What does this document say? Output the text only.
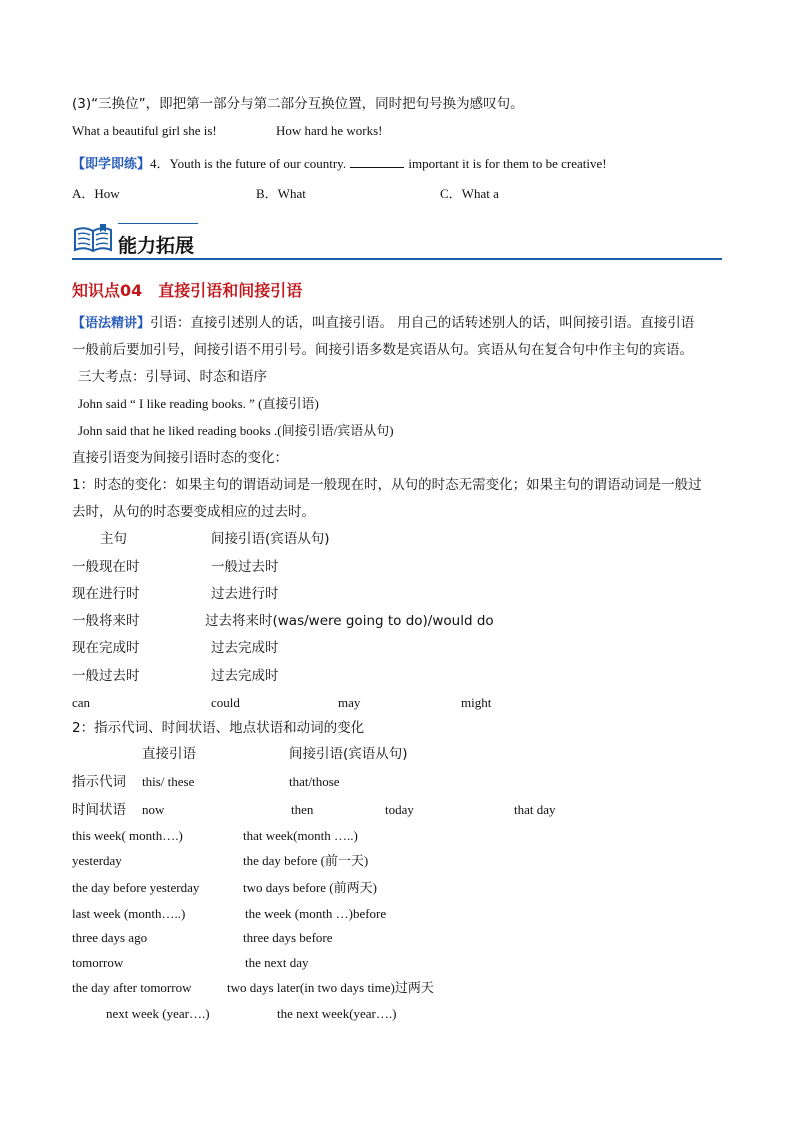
(3)“三换位”，即把第一部分与第二部分互换位置，同时把句号换为感叹句。
What a beautiful girl she is!	How hard he works!
【即学即练】4．Youth is the future of our country.	important it is for them to be creative!
A．How	B．What	C．What a
能力拓展
知识点04　直接引语和间接引语
【语法精讲】引语：直接引述别人的话，叫直接引语。 用自己的话转述别人的话，叫间接引语。直接引语
一般前后要加引号，间接引语不用引号。间接引语多数是宾语从句。宾语从句在复合句中作主句的宾语。
三大考点：引导词、时态和语序
John said “ I like reading books. ” (直接引语)
John said that he liked reading books .(间接引语/宾语从句)
直接引语变为间接引语时态的变化：
1：时态的变化：如果主句的谓语动词是一般现在时，从句的时态无需变化；如果主句的谓语动词是一般过
去时，从句的时态要变成相应的过去时。
主句	间接引语(宾语从句)
一般现在时	一般过去时
现在进行时	过去进行时
一般将来时	过去将来时(was/were going to do)/would do
现在完成时	过去完成时
一般过去时	过去完成时
can	could	may	might
2：指示代词、时间状语、地点状语和动词的变化
直接引语	间接引语(宾语从句)
指示代词 this/ these	that/those
时间状语 now	then	today	that day
this week( month….)	that week(month …..)
yesterday	the day before (前一天)
the day before yesterday	two days before (前两天)
last week (month…..)	the week (month …)before
three days ago	three days before
tomorrow	the next day
the day after tomorrow	two days later(in two days time)过两天
next week (year….)	the next week(year….)
